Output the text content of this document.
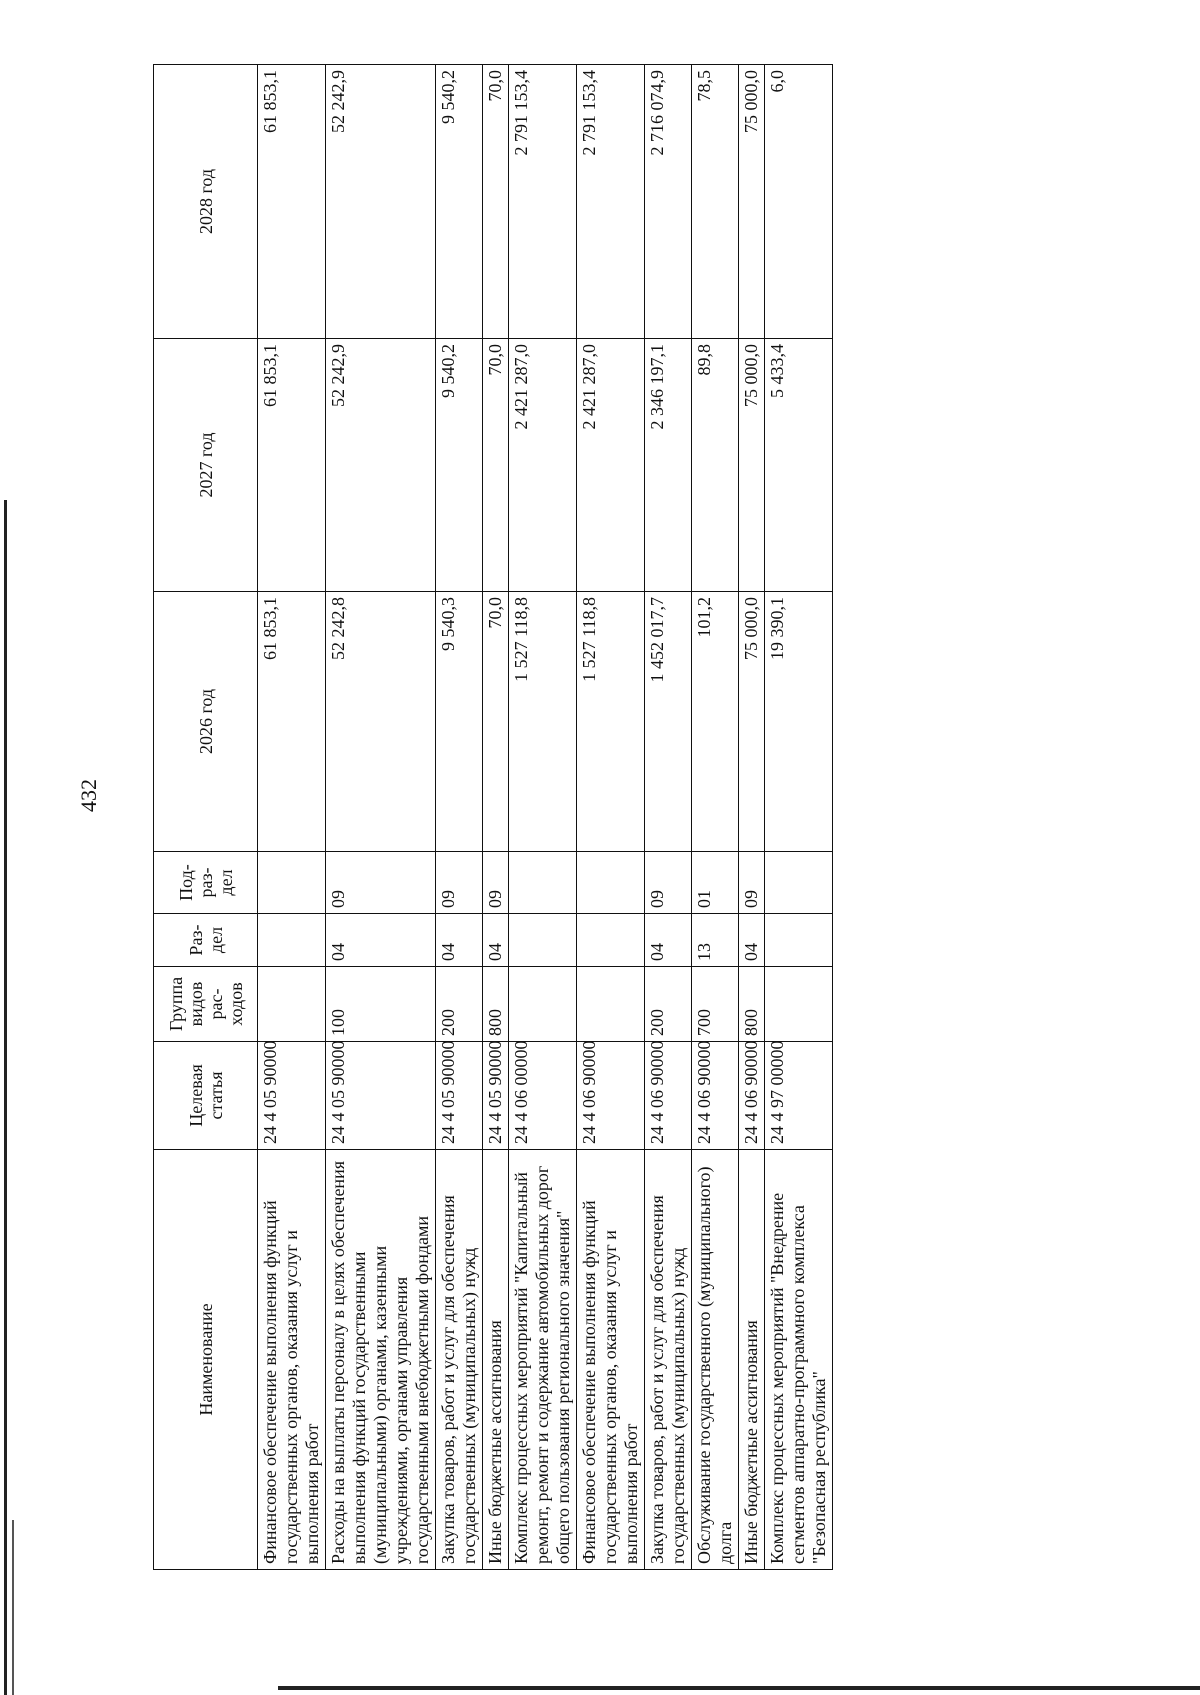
432
Наименование	Целевая статья	Группа видов рас-ходов	Раз-дел	Под-раз-дел	2026 год	2027 год	2028 год
Финансовое обеспечение выполнения функций государственных органов, оказания услуг и выполнения работ	24 4 05 90000				61 853,1	61 853,1	61 853,1
Расходы на выплаты персоналу в целях обеспечения выполнения функций государственными (муниципальными) органами, казенными учреждениями, органами управления государственными внебюджетными фондами	24 4 05 90000	100	04	09	52 242,8	52 242,9	52 242,9
Закупка товаров, работ и услуг для обеспечения государственных (муниципальных) нужд	24 4 05 90000	200	04	09	9 540,3	9 540,2	9 540,2
Иные бюджетные ассигнования	24 4 05 90000	800	04	09	70,0	70,0	70,0
Комплекс процессных мероприятий "Капитальный ремонт, ремонт и содержание автомобильных дорог общего пользования регионального значения"	24 4 06 00000				1 527 118,8	2 421 287,0	2 791 153,4
Финансовое обеспечение выполнения функций государственных органов, оказания услуг и выполнения работ	24 4 06 90000				1 527 118,8	2 421 287,0	2 791 153,4
Закупка товаров, работ и услуг для обеспечения государственных (муниципальных) нужд	24 4 06 90000	200	04	09	1 452 017,7	2 346 197,1	2 716 074,9
Обслуживание государственного (муниципального) долга	24 4 06 90000	700	13	01	101,2	89,8	78,5
Иные бюджетные ассигнования	24 4 06 90000	800	04	09	75 000,0	75 000,0	75 000,0
Комплекс процессных мероприятий "Внедрение сегментов аппаратно-программного комплекса "Безопасная республика"	24 4 97 00000				19 390,1	5 433,4	6,0
